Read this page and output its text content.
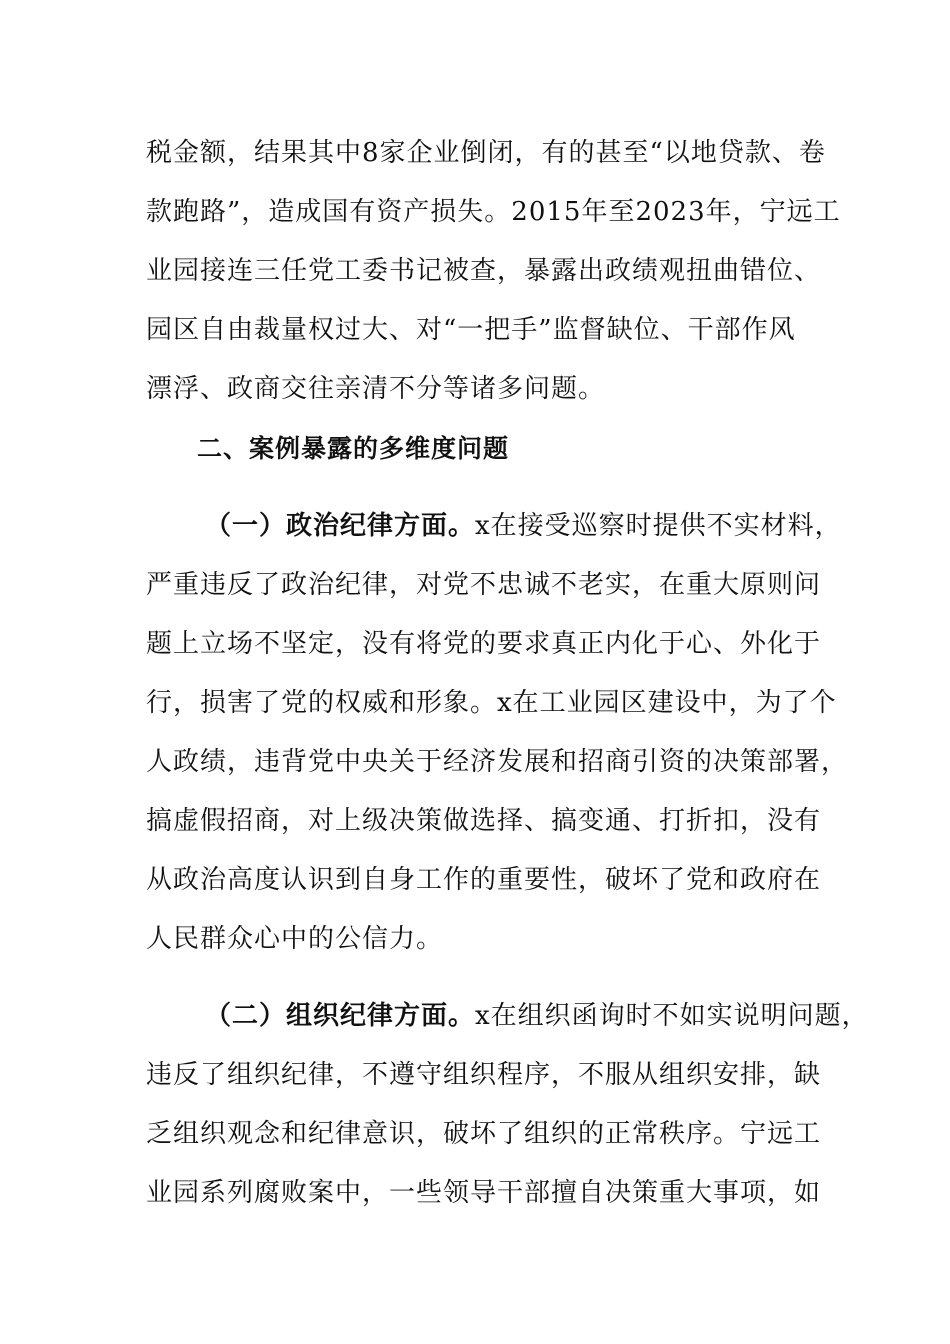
税金额，结果其中8家企业倒闭，有的甚至“以地贷款、卷
款跑路”，造成国有资产损失。2015年至2023年，宁远工
业园接连三任党工委书记被查，暴露出政绩观扭曲错位、
园区自由裁量权过大、对“一把手”监督缺位、干部作风
漂浮、政商交往亲清不分等诸多问题。
二、案例暴露的多维度问题
（一）政治纪律方面。x在接受巡察时提供不实材料，
严重违反了政治纪律，对党不忠诚不老实，在重大原则问
题上立场不坚定，没有将党的要求真正内化于心、外化于
行，损害了党的权威和形象。x在工业园区建设中，为了个
人政绩，违背党中央关于经济发展和招商引资的决策部署，
搞虚假招商，对上级决策做选择、搞变通、打折扣，没有
从政治高度认识到自身工作的重要性，破坏了党和政府在
人民群众心中的公信力。
（二）组织纪律方面。x在组织函询时不如实说明问题，
违反了组织纪律，不遵守组织程序，不服从组织安排，缺
乏组织观念和纪律意识，破坏了组织的正常秩序。宁远工
业园系列腐败案中，一些领导干部擅自决策重大事项，如
